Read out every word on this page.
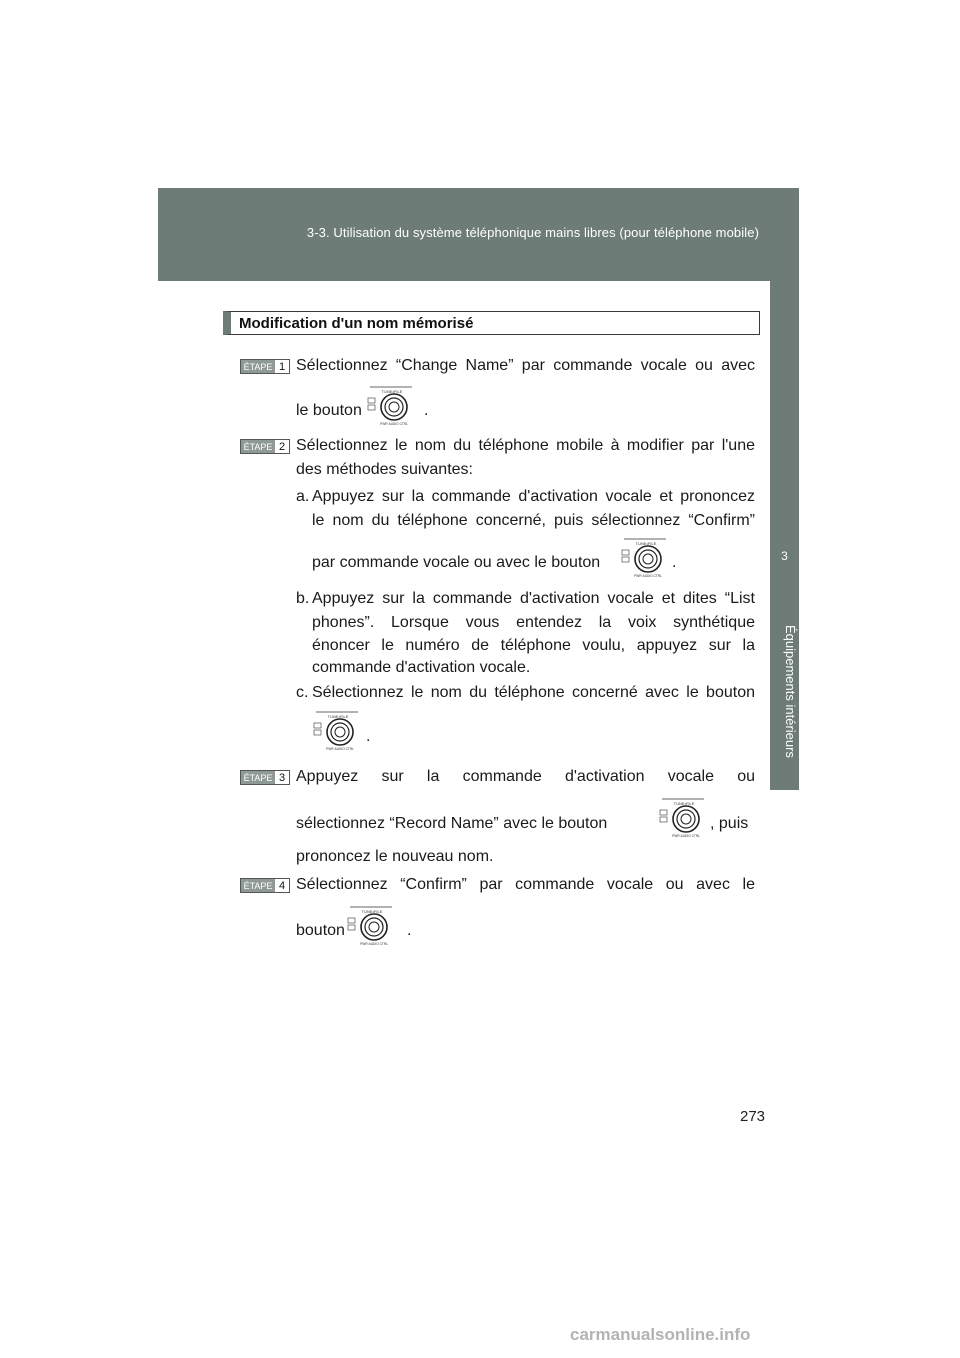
3-3. Utilisation du système téléphonique mains libres (pour téléphone mobile)
3
Équipements intérieurs
Modification d'un nom mémorisé
ÉTAPE 1 Sélectionnez “Change Name” par commande vocale ou avec
le bouton
TUNE•FILE
PWR·AUDIO CTRL
.
ÉTAPE 2 Sélectionnez le nom du téléphone mobile à modifier par l'une
des méthodes suivantes:
a. Appuyez sur la commande d'activation vocale et prononcez
le nom du téléphone concerné, puis sélectionnez “Confirm”
par commande vocale ou avec le bouton
TUNE•FILE
PWR·AUDIO CTRL
.
b. Appuyez sur la commande d'activation vocale et dites “List
phones”. Lorsque vous entendez la voix synthétique
énoncer le numéro de téléphone voulu, appuyez sur la
commande d'activation vocale.
c. Sélectionnez le nom du téléphone concerné avec le bouton
TUNE•FILE
PWR·AUDIO CTRL
.
ÉTAPE 3 Appuyez sur la commande d'activation vocale ou
sélectionnez “Record Name” avec le bouton
TUNE•FILE
PWR·AUDIO CTRL
, puis
prononcez le nouveau nom.
ÉTAPE 4 Sélectionnez “Confirm” par commande vocale ou avec le
bouton
TUNE•FILE
PWR·AUDIO CTRL
.
273
carmanualsonline.info
